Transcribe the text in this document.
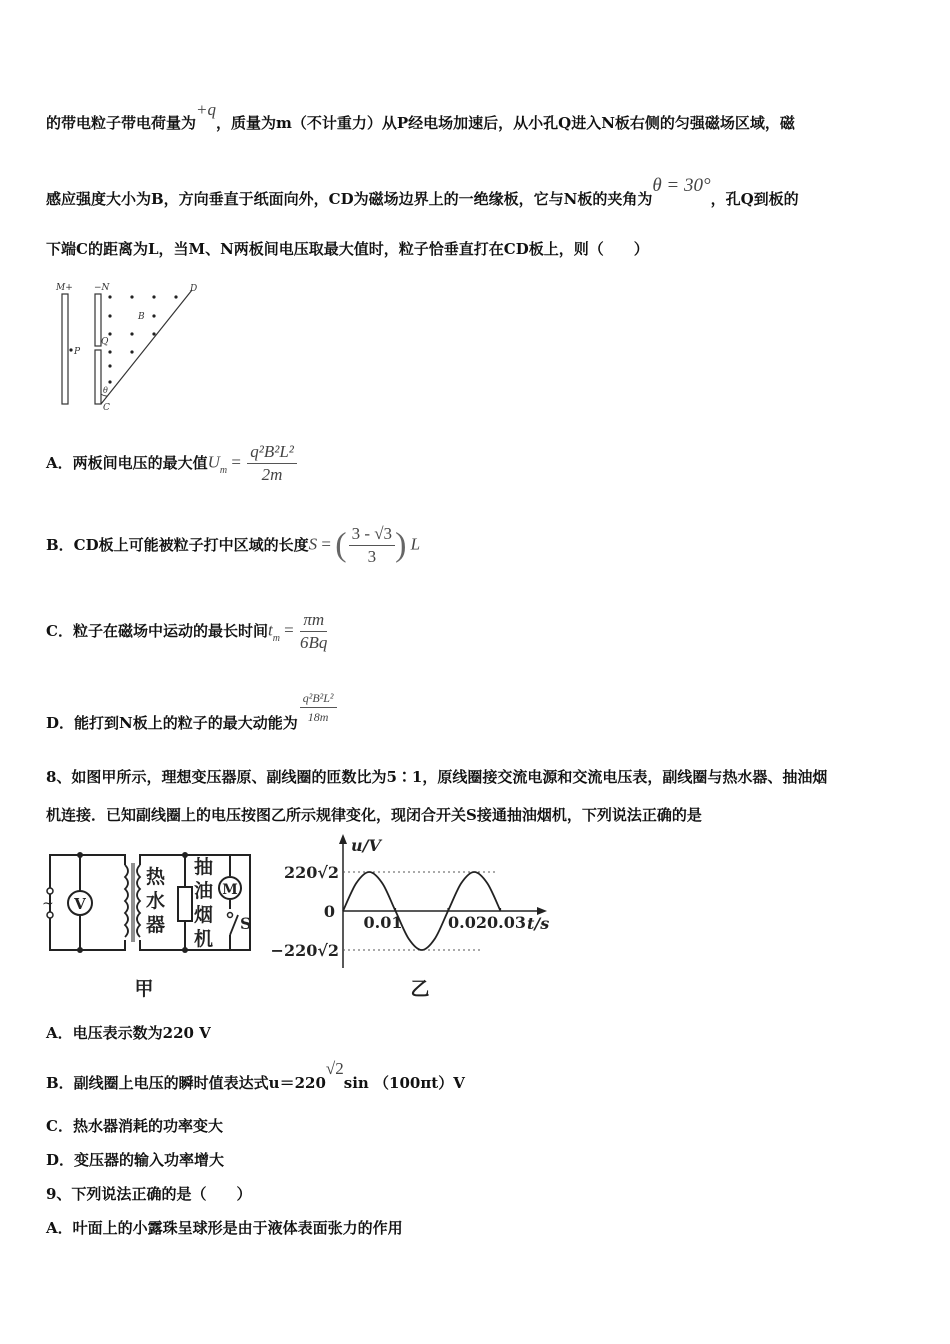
的带电粒子带电荷量为+q，质量为m（不计重力）从P经电场加速后，从小孔Q进入N板右侧的匀强磁场区域，磁
感应强度大小为B，方向垂直于纸面向外，CD为磁场边界上的一绝缘板，它与N板的夹角为θ = 30°，孔Q到板的
下端C的距离为L，当M、N两板间电压取最大值时，粒子恰垂直打在CD板上，则（　　）
M+ −N	D
B
P
Q
θ
C
A．两板间电压的最大值 $U_m = \frac{\text{q²B²L²}}{2m}$
B．CD板上可能被粒子打中区域的长度 S = ( $\frac{3 - √3}{3}$ ) L
C．粒子在磁场中运动的最长时间 $t_m = \frac{\pi m}{6Bq}$
D．能打到N板上的粒子的最大动能为 $\frac{\text{q²B²L²}}{18m}$
8、如图甲所示，理想变压器原、副线圈的匝数比为5∶1，原线圈接交流电源和交流电压表，副线圈与热水器、抽油烟
机连接．已知副线圈上的电压按图乙所示规律变化，现闭合开关S接通抽油烟机，下列说法正确的是
~ V
热
水
器
抽
油
烟
机
M
S
甲
u/V
t/s
220√2
0
−220√2
0.01	0.020.03
乙
A．电压表示数为220 V
B．副线圈上电压的瞬时值表达式u＝220
√2
sin （100πt）V
C．热水器消耗的功率变大
D．变压器的输入功率增大
9、下列说法正确的是（　　）
A．叶面上的小露珠呈球形是由于液体表面张力的作用
